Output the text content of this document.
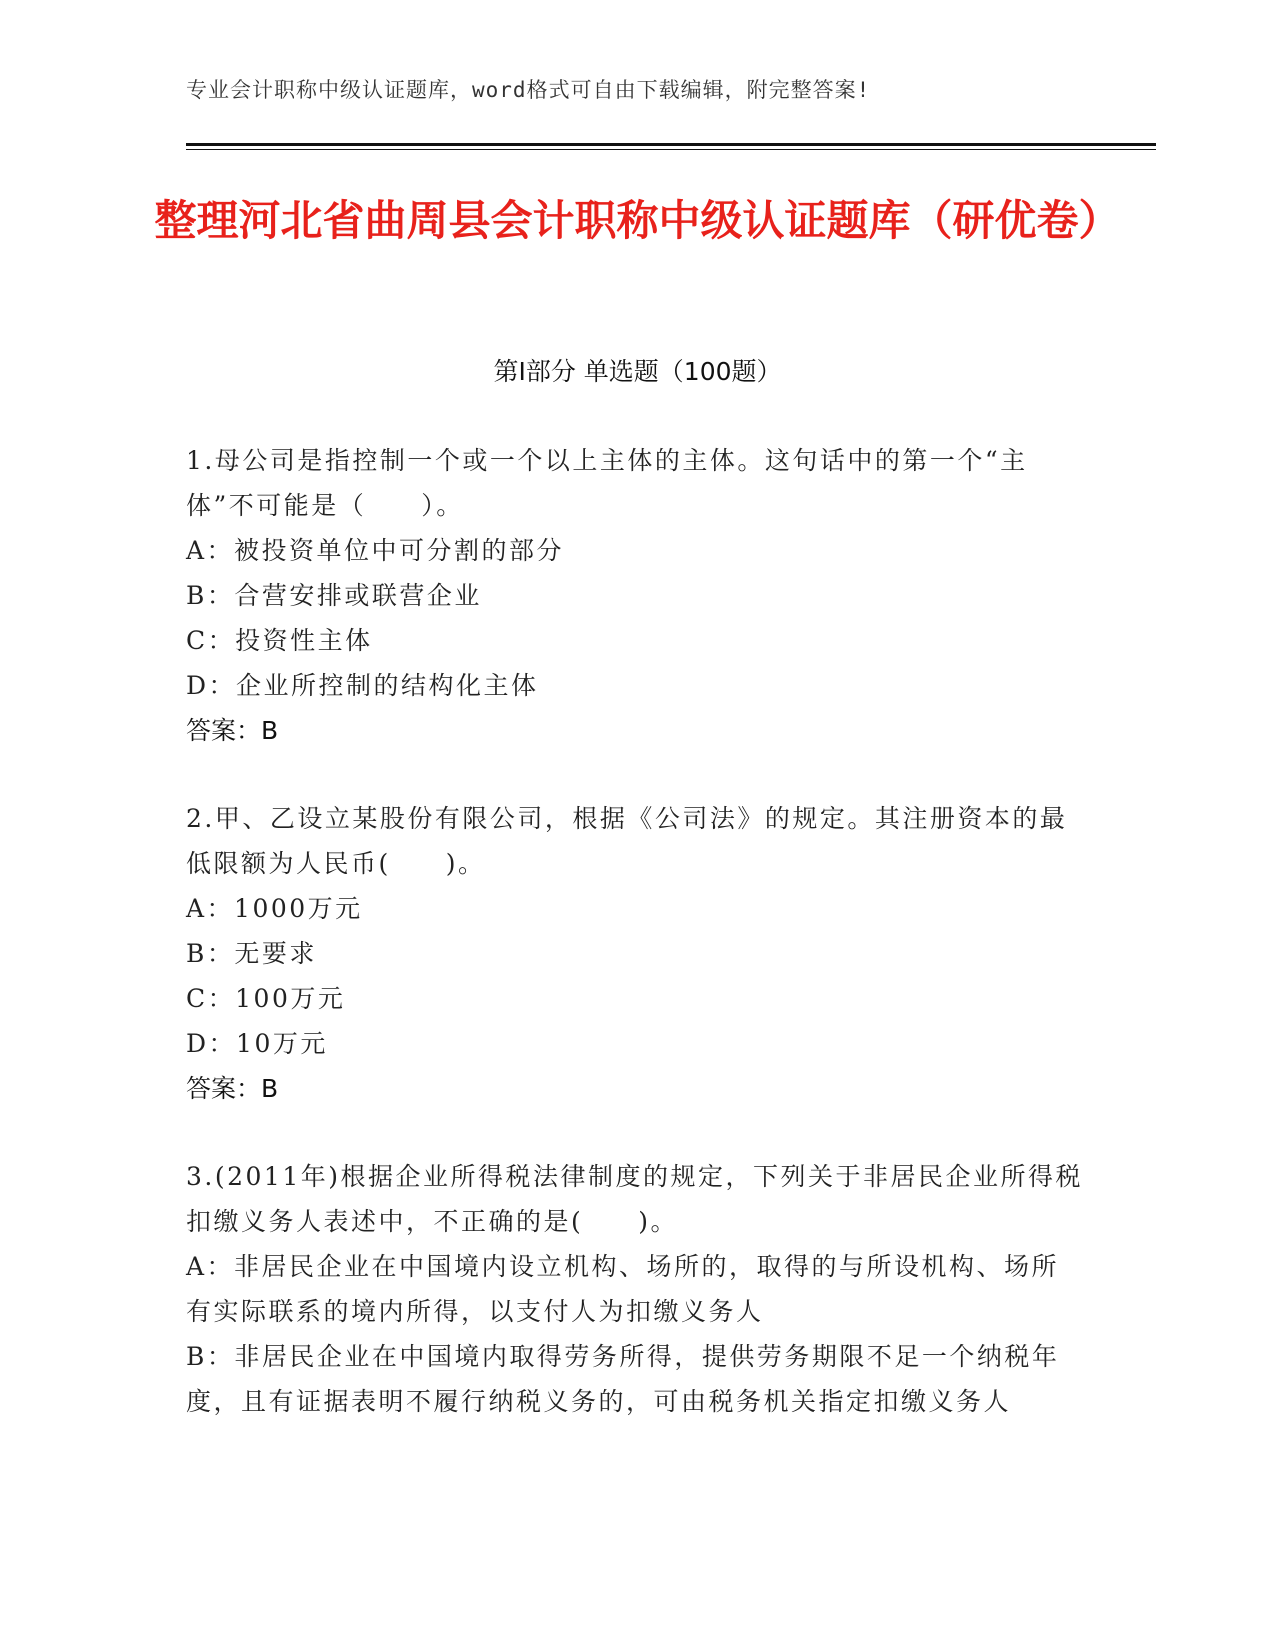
专业会计职称中级认证题库，word格式可自由下载编辑，附完整答案!
整理河北省曲周县会计职称中级认证题库（研优卷）
第Ⅰ部分 单选题（100题）
1.母公司是指控制一个或一个以上主体的主体。这句话中的第一个“主体”不可能是（　　）。
A：被投资单位中可分割的部分
B：合营安排或联营企业
C：投资性主体
D：企业所控制的结构化主体
答案：B
2.甲、乙设立某股份有限公司，根据《公司法》的规定。其注册资本的最低限额为人民币(　　)。
A：1000万元
B：无要求
C：100万元
D：10万元
答案：B
3.(2011年)根据企业所得税法律制度的规定，下列关于非居民企业所得税扣缴义务人表述中，不正确的是(　　)。
A：非居民企业在中国境内设立机构、场所的，取得的与所设机构、场所有实际联系的境内所得，以支付人为扣缴义务人
B：非居民企业在中国境内取得劳务所得，提供劳务期限不足一个纳税年度，且有证据表明不履行纳税义务的，可由税务机关指定扣缴义务人
